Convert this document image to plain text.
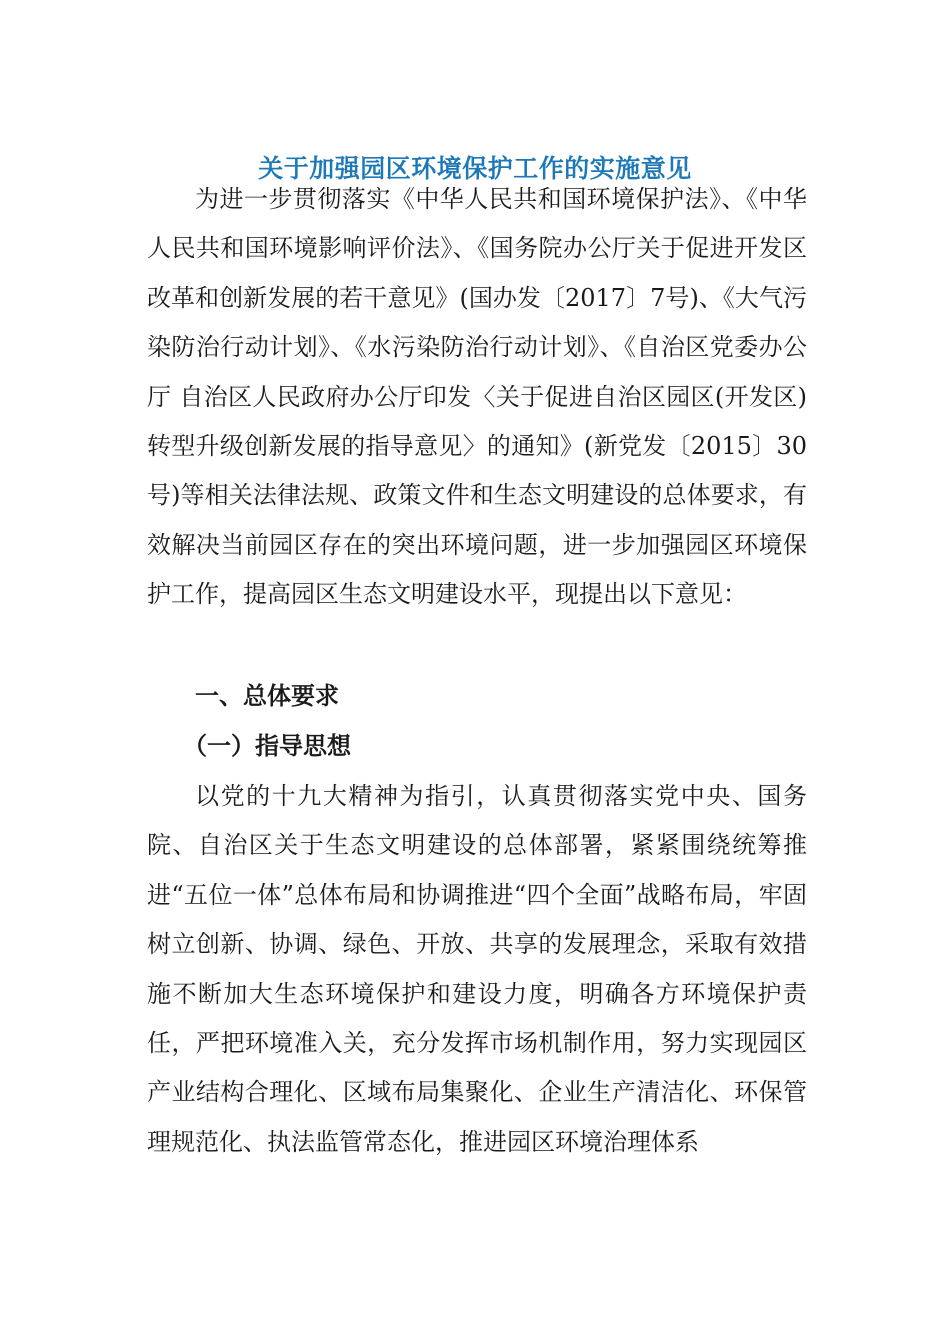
关于加强园区环境保护工作的实施意见

为进一步贯彻落实《中华人民共和国环境保护法》、《中华人民共和国环境影响评价法》、《国务院办公厅关于促进开发区改革和创新发展的若干意见》(国办发〔2017〕7号)、《大气污染防治行动计划》、《水污染防治行动计划》、《自治区党委办公厅 自治区人民政府办公厅印发〈关于促进自治区园区(开发区)转型升级创新发展的指导意见〉的通知》(新党发〔2015〕30号)等相关法律法规、政策文件和生态文明建设的总体要求，有效解决当前园区存在的突出环境问题，进一步加强园区环境保护工作，提高园区生态文明建设水平，现提出以下意见：

一、总体要求
（一）指导思想

以党的十九大精神为指引，认真贯彻落实党中央、国务院、自治区关于生态文明建设的总体部署，紧紧围绕统筹推进“五位一体”总体布局和协调推进“四个全面”战略布局，牢固树立创新、协调、绿色、开放、共享的发展理念，采取有效措施不断加大生态环境保护和建设力度，明确各方环境保护责任，严把环境准入关，充分发挥市场机制作用，努力实现园区产业结构合理化、区域布局集聚化、企业生产清洁化、环保管理规范化、执法监管常态化，推进园区环境治理体系
